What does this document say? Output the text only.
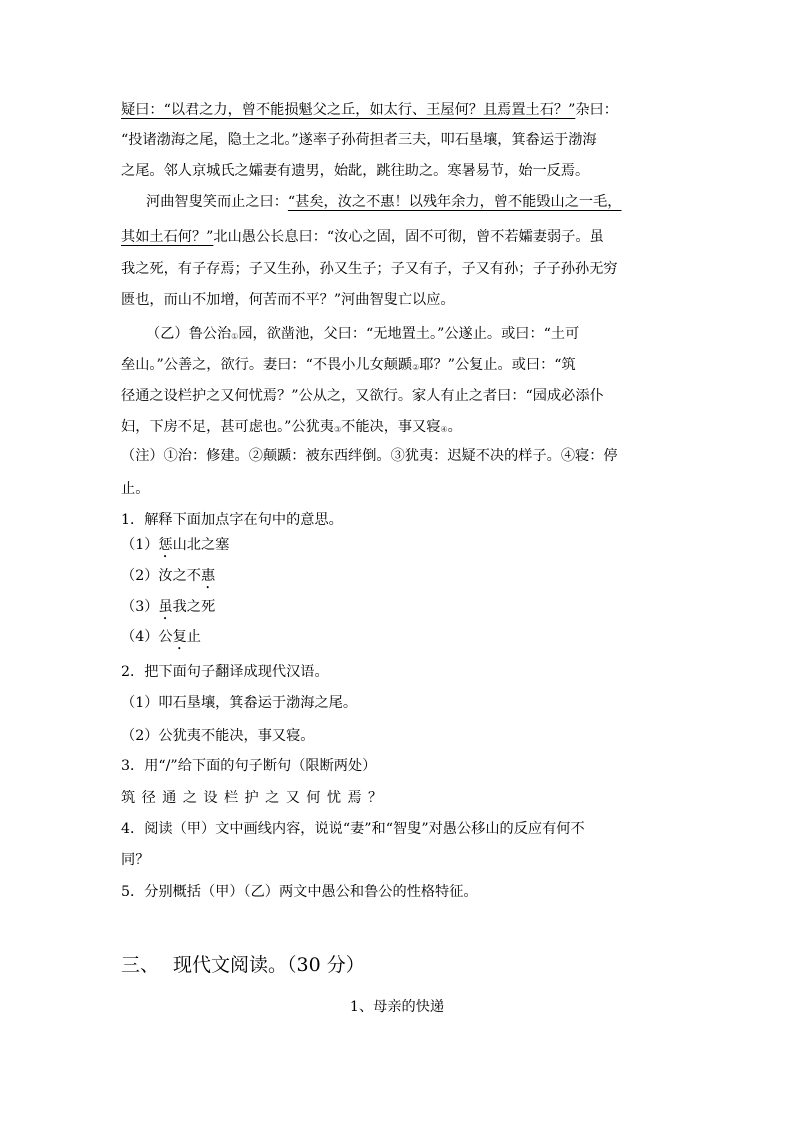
疑曰：“以君之力，曾不能损魁父之丘，如太行、王屋何？且焉置土石？”杂曰：
“投诸渤海之尾，隐土之北。”遂率子孙荷担者三夫，叩石垦壤，箕畚运于渤海
之尾。邻人京城氏之孀妻有遗男，始龀，跳往助之。寒暑易节，始一反焉。
河曲智叟笑而止之曰：“甚矣，汝之不惠！以残年余力，曾不能毁山之一毛，
其如土石何？”北山愚公长息曰：“汝心之固，固不可彻，曾不若孀妻弱子。虽
我之死，有子存焉；子又生孙，孙又生子；子又有子，子又有孙；子子孙孙无穷
匮也，而山不加增，何苦而不平？”河曲智叟亡以应。
（乙）鲁公治$_①$园，欲凿池，父曰：“无地置土。”公遂止。或曰：“土可
垒山。”公善之，欲行。妻曰：“不畏小儿女颠踬$_②$耶？”公复止。或曰：“筑
径通之设栏护之又何忧焉？”公从之，又欲行。家人有止之者曰：“园成必添仆
妇，下房不足，甚可虑也。”公犹夷$_③$不能决，事又寝$_④$。
（注）①治：修建。②颠踬：被东西绊倒。③犹夷：迟疑不决的样子。④寝：停
止。
1．解释下面加点字在句中的意思。
（1）惩山北之塞
（2）汝之不惠
（3）虽我之死
（4）公复止
2．把下面句子翻译成现代汉语。
（1）叩石垦壤，箕畚运于渤海之尾。
（2）公犹夷不能决，事又寝。
3．用“/”给下面的句子断句（限断两处）
筑径通之设栏护之又何忧焉？
4．阅读（甲）文中画线内容，说说“妻”和“智叟”对愚公移山的反应有何不
同？
5．分别概括（甲）（乙）两文中愚公和鲁公的性格特征。
三、 现代文阅读。（30 分）
1、母亲的快递
